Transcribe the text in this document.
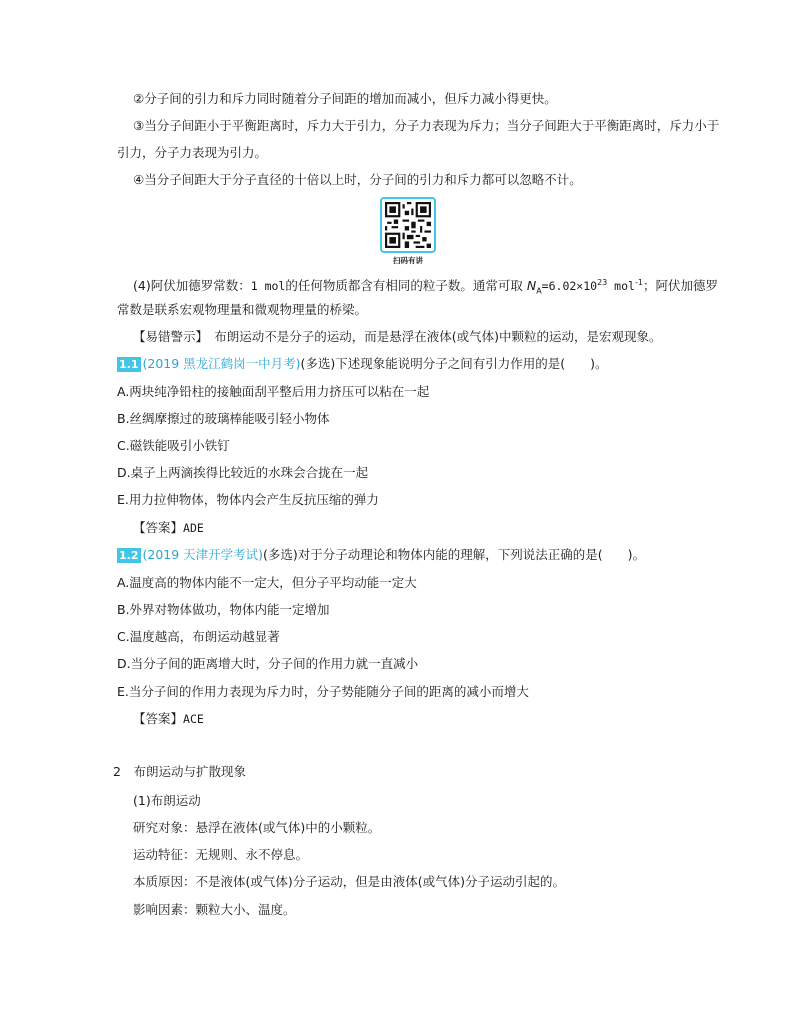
②分子间的引力和斥力同时随着分子间距的增加而减小，但斥力减小得更快。
③当分子间距小于平衡距离时，斥力大于引力，分子力表现为斥力；当分子间距大于平衡距离时，斥力小于
引力，分子力表现为引力。
④当分子间距大于分子直径的十倍以上时，分子间的引力和斥力都可以忽略不计。
扫码有讲
(4)阿伏加德罗常数：1 mol的任何物质都含有相同的粒子数。通常可取 $N_A=6.02\times 10^{23}$ mol$^{-1}$；阿伏加德罗
常数是联系宏观物理量和微观物理量的桥梁。
【易错警示】　布朗运动不是分子的运动，而是悬浮在液体(或气体)中颗粒的运动，是宏观现象。
1.1 (2019 黑龙江鹤岗一中月考)(多选)下述现象能说明分子之间有引力作用的是(　　)。
A.两块纯净铅柱的接触面刮平整后用力挤压可以粘在一起
B.丝绸摩擦过的玻璃棒能吸引轻小物体
C.磁铁能吸引小铁钉
D.桌子上两滴挨得比较近的水珠会合拢在一起
E.用力拉伸物体，物体内会产生反抗压缩的弹力
【答案】ADE
1.2 (2019 天津开学考试)(多选)对于分子动理论和物体内能的理解，下列说法正确的是(　　)。
A.温度高的物体内能不一定大，但分子平均动能一定大
B.外界对物体做功，物体内能一定增加
C.温度越高，布朗运动越显著
D.当分子间的距离增大时，分子间的作用力就一直减小
E.当分子间的作用力表现为斥力时，分子势能随分子间的距离的减小而增大
【答案】ACE
2　布朗运动与扩散现象
(1)布朗运动
研究对象：悬浮在液体(或气体)中的小颗粒。
运动特征：无规则、永不停息。
本质原因：不是液体(或气体)分子运动，但是由液体(或气体)分子运动引起的。
影响因素：颗粒大小、温度。
